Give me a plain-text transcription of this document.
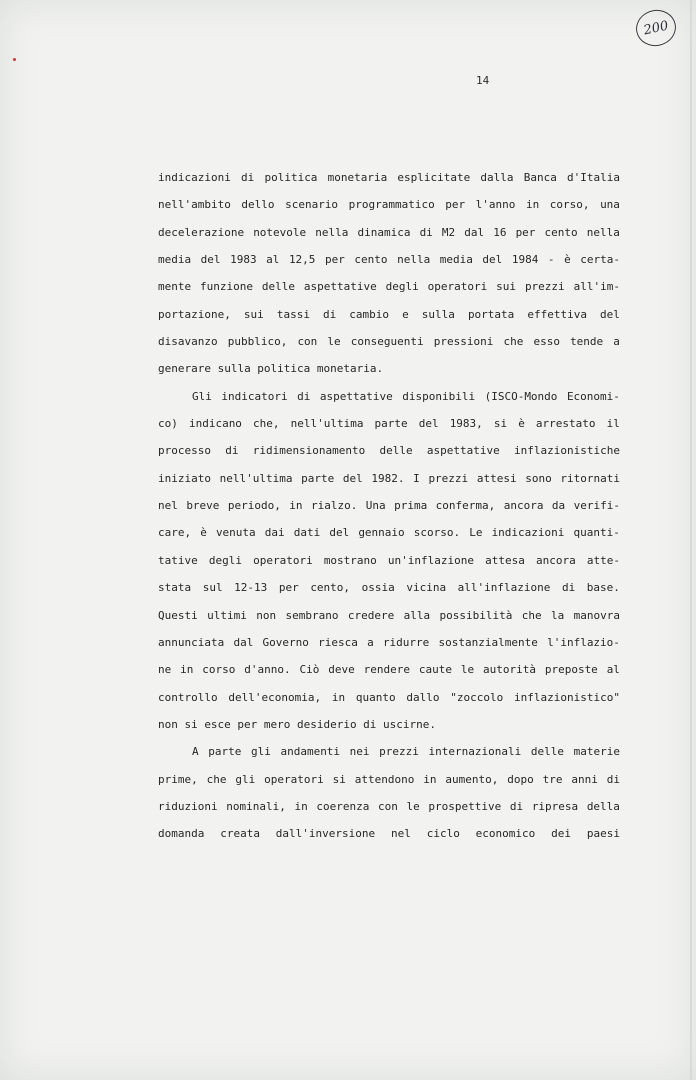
200
14
indicazioni di politica monetaria esplicitate dalla Banca d'Italia
nell'ambito dello scenario programmatico per l'anno in corso, una
decelerazione notevole nella dinamica di M2 dal 16 per cento nella
media del 1983 al 12,5 per cento nella media del 1984 - è certa-
mente funzione delle aspettative degli operatori sui prezzi all'im-
portazione, sui tassi di cambio e sulla portata effettiva del
disavanzo pubblico, con le conseguenti pressioni che esso tende a
generare sulla politica monetaria.
Gli indicatori di aspettative disponibili (ISCO-Mondo Economi-
co) indicano che, nell'ultima parte del 1983, si è arrestato il
processo di ridimensionamento delle aspettative inflazionistiche
iniziato nell'ultima parte del 1982. I prezzi attesi sono ritornati
nel breve periodo, in rialzo. Una prima conferma, ancora da verifi-
care, è venuta dai dati del gennaio scorso. Le indicazioni quanti-
tative degli operatori mostrano un'inflazione attesa ancora atte-
stata sul 12-13 per cento, ossia vicina all'inflazione di base.
Questi ultimi non sembrano credere alla possibilità che la manovra
annunciata dal Governo riesca a ridurre sostanzialmente l'inflazio-
ne in corso d'anno. Ciò deve rendere caute le autorità preposte al
controllo dell'economia, in quanto dallo "zoccolo inflazionistico"
non si esce per mero desiderio di uscirne.
A parte gli andamenti nei prezzi internazionali delle materie
prime, che gli operatori si attendono in aumento, dopo tre anni di
riduzioni nominali, in coerenza con le prospettive di ripresa della
domanda creata dall'inversione nel ciclo economico dei paesi
